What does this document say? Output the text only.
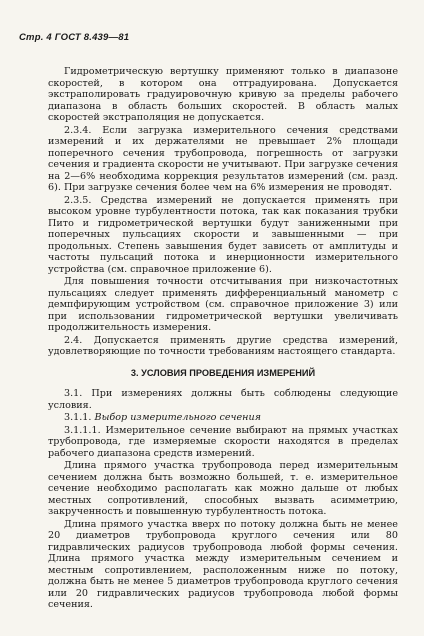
Стр. 4 ГОСТ 8.439—81

Гидрометрическую вертушку применяют только в диапазоне скоростей, в котором она отградуирована. Допускается экстраполировать градуировочную кривую за пределы рабочего диапазона в область больших скоростей. В область малых скоростей экстраполяция не допускается.

2.3.4. Если загрузка измерительного сечения средствами измерений и их держателями не превышает 2% площади поперечного сечения трубопровода, погрешность от загрузки сечения и градиента скорости не учитывают. При загрузке сечения на 2—6% необходима коррекция результатов измерений (см. разд. 6). При загрузке сечения более чем на 6% измерения не проводят.

2.3.5. Средства измерений не допускается применять при высоком уровне турбулентности потока, так как показания трубки Пито и гидрометрической вертушки будут заниженными при поперечных пульсациях скорости и завышенными — при продольных. Степень завышения будет зависеть от амплитуды и частоты пульсаций потока и инерционности измерительного устройства (см. справочное приложение 6).

Для повышения точности отсчитывания при низкочастотных пульсациях следует применять дифференциальный манометр с демпфирующим устройством (см. справочное приложение 3) или при использовании гидрометрической вертушки увеличивать продолжительность измерения.

2.4. Допускается применять другие средства измерений, удовлетворяющие по точности требованиям настоящего стандарта.

3. УСЛОВИЯ ПРОВЕДЕНИЯ ИЗМЕРЕНИЙ

3.1. При измерениях должны быть соблюдены следующие условия.

3.1.1. Выбор измерительного сечения

3.1.1.1. Измерительное сечение выбирают на прямых участках трубопровода, где измеряемые скорости находятся в пределах рабочего диапазона средств измерений.

Длина прямого участка трубопровода перед измерительным сечением должна быть возможно большей, т. е. измерительное сечение необходимо располагать как можно дальше от любых местных сопротивлений, способных вызвать асимметрию, закрученность и повышенную турбулентность потока.

Длина прямого участка вверх по потоку должна быть не менее 20 диаметров трубопровода круглого сечения или 80 гидравлических радиусов трубопровода любой формы сечения. Длина прямого участка между измерительным сечением и местным сопротивлением, расположенным ниже по потоку, должна быть не менее 5 диаметров трубопровода круглого сечения или 20 гидравлических радиусов трубопровода любой формы сечения.
